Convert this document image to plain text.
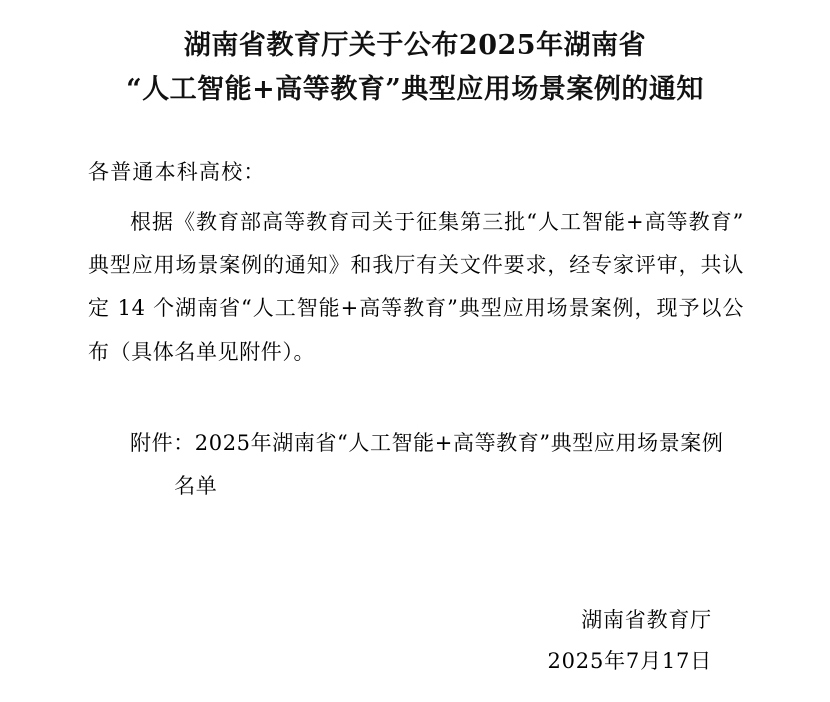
湖南省教育厅关于公布2025年湖南省
“人工智能+高等教育”典型应用场景案例的通知
各普通本科高校：

根据《教育部高等教育司关于征集第三批“人工智能+高等教育”典型应用场景案例的通知》和我厅有关文件要求，经专家评审，共认定 14 个湖南省“人工智能+高等教育”典型应用场景案例，现予以公布（具体名单见附件）。

附件：2025年湖南省“人工智能+高等教育”典型应用场景案例
名单
湖南省教育厅
2025年7月17日
